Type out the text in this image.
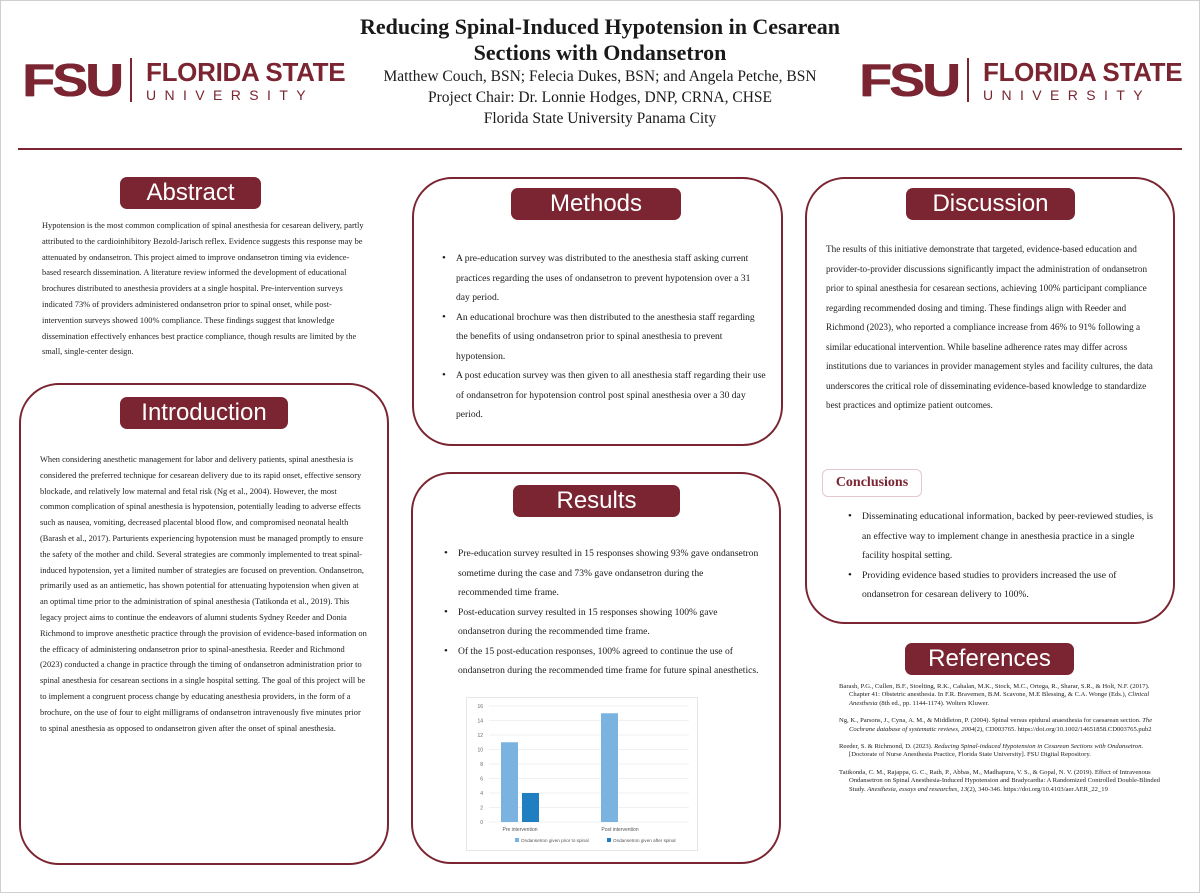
FSU FLORIDA STATE
UNIVERSITY	FSU FLORIDA STATE
UNIVERSITY
Reducing Spinal-Induced Hypotension in Cesarean
Sections with Ondansetron
Matthew Couch, BSN; Felecia Dukes, BSN; and Angela Petche, BSN
Project Chair: Dr. Lonnie Hodges, DNP, CRNA, CHSE
Florida State University Panama City
Abstract
Hypotension is the most common complication of spinal anesthesia for cesarean delivery, partly attributed to the cardioinhibitory Bezold-Jarisch reflex. Evidence suggests this response may be attenuated by ondansetron. This project aimed to improve ondansetron timing via evidence-based research dissemination. A literature review informed the development of educational brochures distributed to anesthesia providers at a single hospital. Pre-intervention surveys indicated 73% of providers administered ondansetron prior to spinal onset, while post-intervention surveys showed 100% compliance. These findings suggest that knowledge dissemination effectively enhances best practice compliance, though results are limited by the small, single-center design.
Introduction
When considering anesthetic management for labor and delivery patients, spinal anesthesia is considered the preferred technique for cesarean delivery due to its rapid onset, effective sensory blockade, and relatively low maternal and fetal risk (Ng et al., 2004). However, the most common complication of spinal anesthesia is hypotension, potentially leading to adverse effects such as nausea, vomiting, decreased placental blood flow, and compromised neonatal health (Barash et al., 2017). Parturients experiencing hypotension must be managed promptly to ensure the safety of the mother and child. Several strategies are commonly implemented to treat spinal-induced hypotension, yet a limited number of strategies are focused on prevention. Ondansetron, primarily used as an antiemetic, has shown potential for attenuating hypotension when given at an optimal time prior to the administration of spinal anesthesia (Tatikonda et al., 2019). This legacy project aims to continue the endeavors of alumni students Sydney Reeder and Donia Richmond to improve anesthetic practice through the provision of evidence-based information on the efficacy of administering ondansetron prior to spinal-anesthesia. Reeder and Richmond (2023) conducted a change in practice through the timing of ondansetron administration prior to spinal anesthesia for cesarean sections in a single hospital setting. The goal of this project will be to implement a congruent process change by educating anesthesia providers, in the form of a brochure, on the use of four to eight milligrams of ondansetron intravenously five minutes prior to spinal anesthesia as opposed to ondansetron given after the onset of spinal anesthesia.
Methods
• A pre-education survey was distributed to the anesthesia staff asking current practices regarding the uses of ondansetron to prevent hypotension over a 31 day period.
• An educational brochure was then distributed to the anesthesia staff regarding the benefits of using ondansetron prior to spinal anesthesia to prevent hypotension.
• A post education survey was then given to all anesthesia staff regarding their use of ondansetron for hypotension control post spinal anesthesia over a 30 day period.
Results
• Pre-education survey resulted in 15 responses showing 93% gave ondansetron sometime during the case and 73% gave ondansetron during the recommended time frame.
• Post-education survey resulted in 15 responses showing 100% gave ondansetron during the recommended time frame.
• Of the 15 post-education responses, 100% agreed to continue the use of ondansetron during the recommended time frame for future spinal anesthetics.
0
2
4
6
8
10
12
14
16
Pre intervention	Post intervention
Ondansetron given prior to spinal	Ondansetron given after spinal
Discussion
The results of this initiative demonstrate that targeted, evidence-based education and provider-to-provider discussions significantly impact the administration of ondansetron prior to spinal anesthesia for cesarean sections, achieving 100% participant compliance regarding recommended dosing and timing. These findings align with Reeder and Richmond (2023), who reported a compliance increase from 46% to 91% following a similar educational intervention. While baseline adherence rates may differ across institutions due to variances in provider management styles and facility cultures, the data underscores the critical role of disseminating evidence-based knowledge to standardize best practices and optimize patient outcomes.
Conclusions
• Disseminating educational information, backed by peer-reviewed studies, is an effective way to implement change in anesthesia practice in a single facility hospital setting.
• Providing evidence based studies to providers increased the use of ondansetron for cesarean delivery to 100%.
References

Barash, P.G., Cullen, B.F., Stoelting, R.K., Cahalan, M.K., Stock, M.C., Ortega, R., Sharar, S.R., & Holt, N.F. (2017). Chapter 41: Obstetric anesthesia. In F.R. Bravemen, B.M. Scavone, M.E Blessing, & C.A. Wonge (Eds.), Clinical Anesthesia (8th ed., pp. 1144-1174). Wolters Kluwer.

Ng, K., Parsons, J., Cyna, A. M., & Middleton, P. (2004). Spinal versus epidural anaesthesia for caesarean section. The Cochrane database of systematic reviews, 2004(2), CD003765. https://doi.org/10.1002/14651858.CD003765.pub2

Reeder, S. & Richmond, D. (2023). Reducing Spinal-induced Hypotension in Cesarean Sections with Ondansetron. [Doctorate of Nurse Anesthesia Practice, Florida State University]. FSU Digital Repository.

Tatikonda, C. M., Rajappa, G. C., Rath, P., Abbas, M., Madhapura, V. S., & Gopal, N. V. (2019). Effect of Intravenous Ondansetron on Spinal Anesthesia-Induced Hypotension and Bradycardia: A Randomized Controlled Double-Blinded Study. Anesthesia, essays and researches, 13(2), 340-346. https://doi.org/10.4103/aer.AER_22_19
